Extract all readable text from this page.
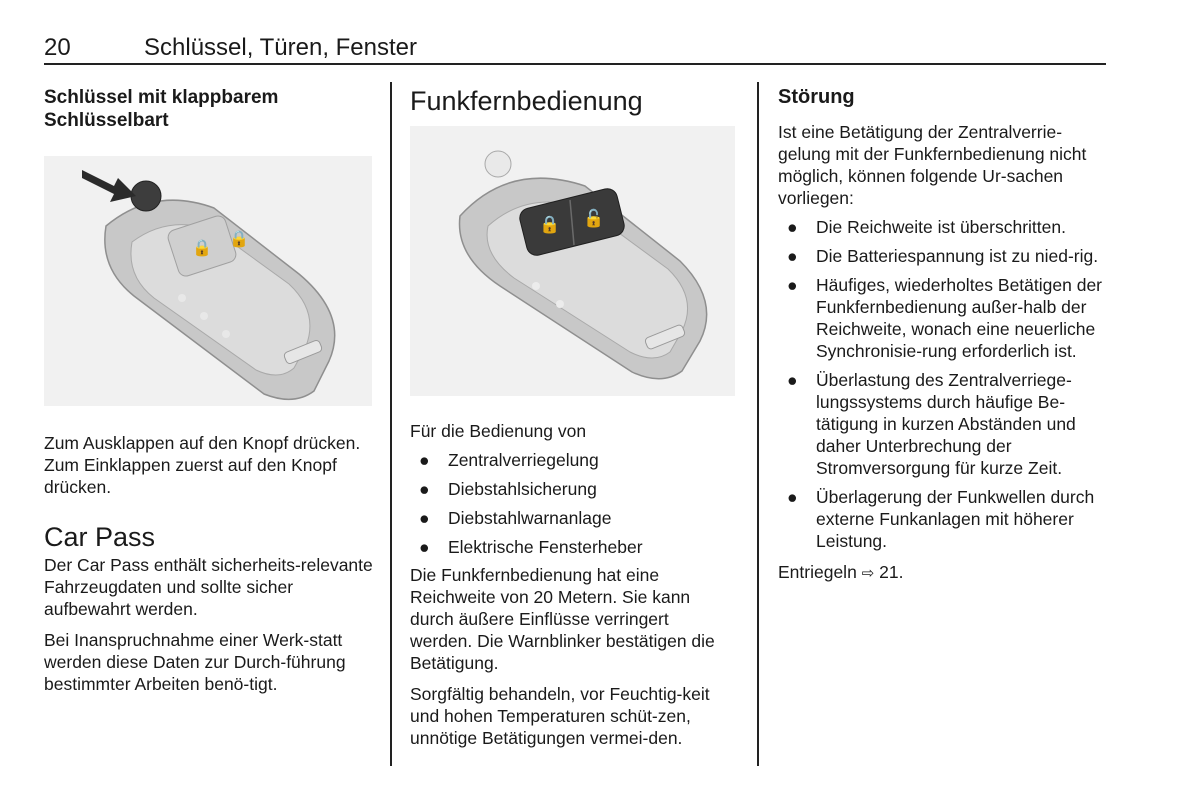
20	Schlüssel, Türen, Fenster
Schlüssel mit klappbarem Schlüsselbart
🔒 🔒

Zum Ausklappen auf den Knopf drücken. Zum Einklappen zuerst auf den Knopf drücken.

Car Pass

Der Car Pass enthält sicherheits-relevante Fahrzeugdaten und sollte sicher aufbewahrt werden.

Bei Inanspruchnahme einer Werk-statt werden diese Daten zur Durch-führung bestimmter Arbeiten benö-tigt.

Funkfernbedienung
🔒 🔓

Für die Bedienung von

● Zentralverriegelung
● Diebstahlsicherung
● Diebstahlwarnanlage
● Elektrische Fensterheber

Die Funkfernbedienung hat eine Reichweite von 20 Metern. Sie kann durch äußere Einflüsse verringert werden. Die Warnblinker bestätigen die Betätigung.

Sorgfältig behandeln, vor Feuchtig-keit und hohen Temperaturen schüt-zen, unnötige Betätigungen vermei-den.

Störung

Ist eine Betätigung der Zentralverrie-gelung mit der Funkfernbedienung nicht möglich, können folgende Ur-sachen vorliegen:

● Die Reichweite ist überschritten.
● Die Batteriespannung ist zu nied-rig.
● Häufiges, wiederholtes Betätigen der Funkfernbedienung außer-halb der Reichweite, wonach eine neuerliche Synchronisie-rung erforderlich ist.
● Überlastung des Zentralverriege-lungssystems durch häufige Be-tätigung in kurzen Abständen und daher Unterbrechung der Stromversorgung für kurze Zeit.
● Überlagerung der Funkwellen durch externe Funkanlagen mit höherer Leistung.

Entriegeln ⇨ 21.
